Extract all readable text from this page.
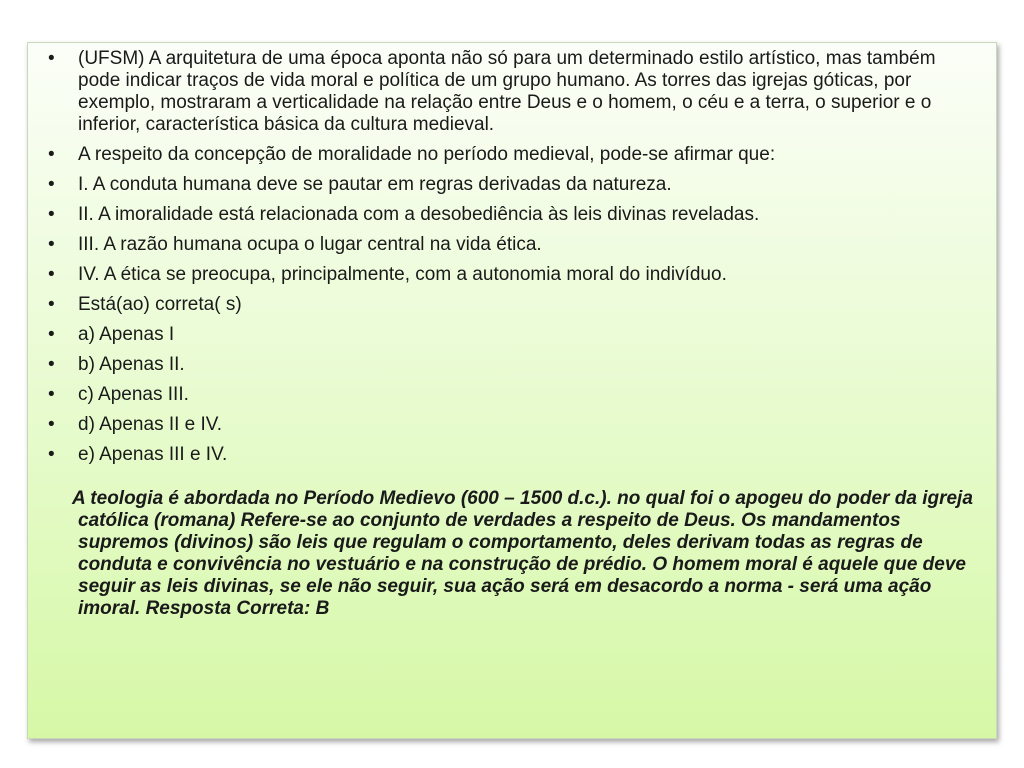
• (UFSM) A arquitetura de uma época aponta não só para um determinado estilo artístico, mas também pode indicar traços de vida moral e política de um grupo humano. As torres das igrejas góticas, por exemplo, mostraram a verticalidade na relação entre Deus e o homem, o céu e a terra, o superior e o inferior, característica básica da cultura medieval.
• A respeito da concepção de moralidade no período medieval, pode-se afirmar que:
• I. A conduta humana deve se pautar em regras derivadas da natureza.
• II. A imoralidade está relacionada com a desobediência às leis divinas reveladas.
• III. A razão humana ocupa o lugar central na vida ética.
• IV. A ética se preocupa, principalmente, com a autonomia moral do indivíduo.
• Está(ao) correta( s)
• a) Apenas I
• b) Apenas II.
• c) Apenas III.
• d) Apenas II e IV.
• e) Apenas III e IV.

A teologia é abordada no Período Medievo (600 – 1500 d.c.). no qual foi o apogeu do poder da igreja católica (romana) Refere-se ao conjunto de verdades a respeito de Deus. Os mandamentos supremos (divinos) são leis que regulam o comportamento, deles derivam todas as regras de conduta e convivência no vestuário e na construção de prédio. O homem moral é aquele que deve seguir as leis divinas, se ele não seguir, sua ação será em desacordo a norma - será uma ação imoral. Resposta Correta: B
